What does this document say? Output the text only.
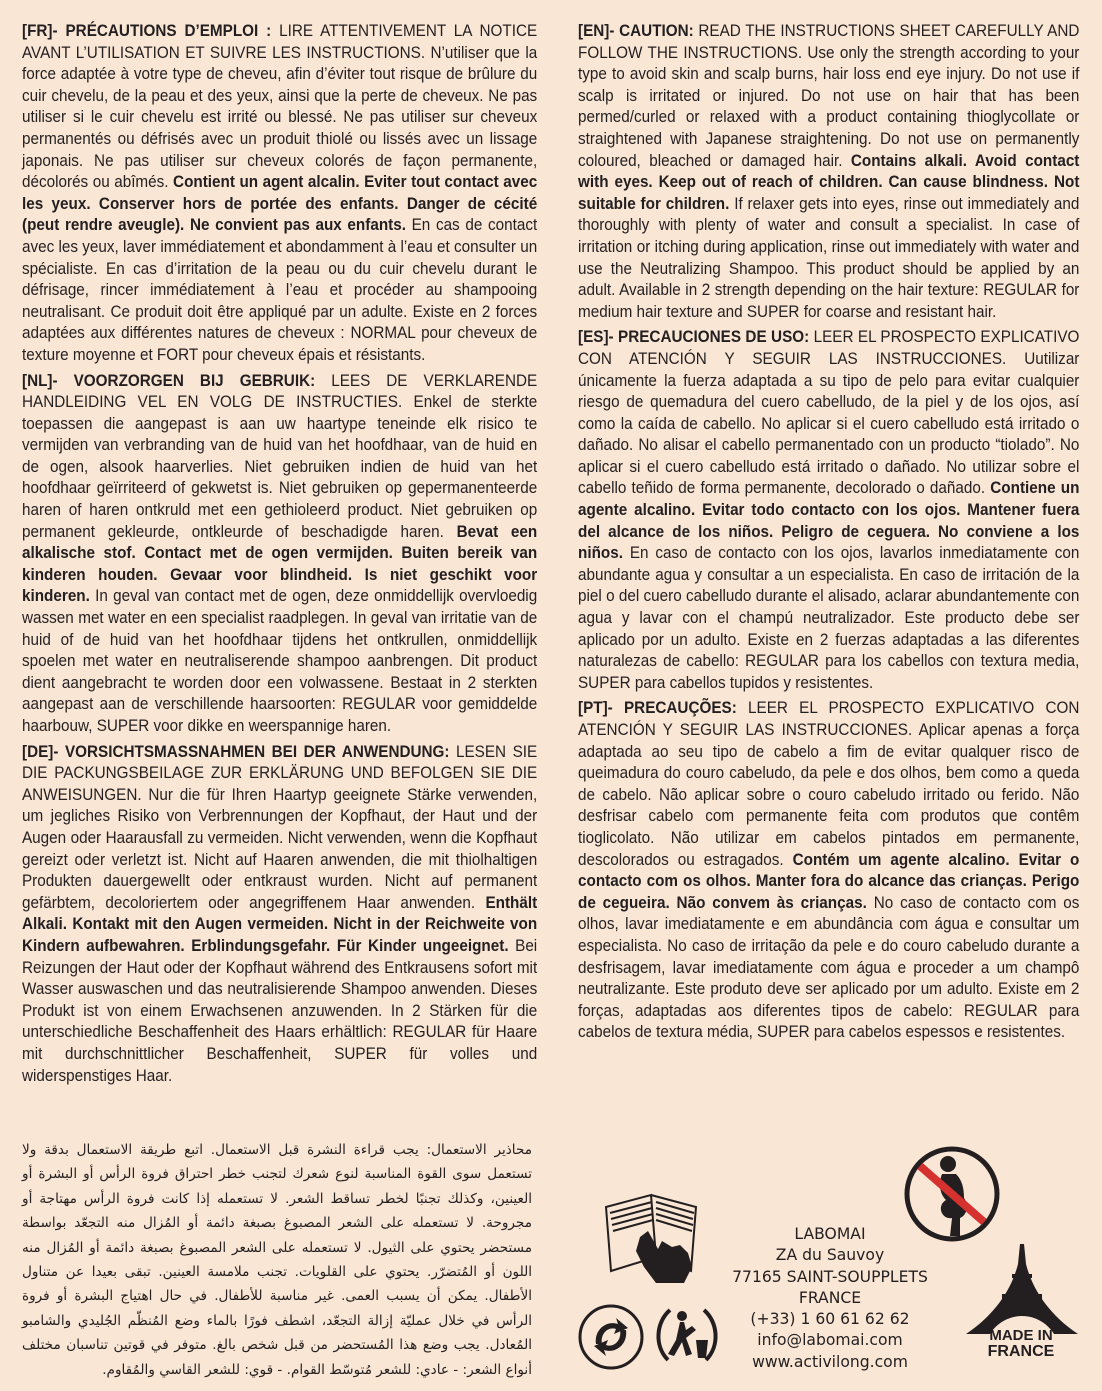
[FR]- PRÉCAUTIONS D’EMPLOI : LIRE ATTENTIVEMENT LA NOTICE AVANT L’UTILISATION ET SUIVRE LES INSTRUCTIONS. N’utiliser que la force adaptée à votre type de cheveu, afin d’éviter tout risque de brûlure du cuir chevelu, de la peau et des yeux, ainsi que la perte de cheveux. Ne pas utiliser si le cuir chevelu est irrité ou blessé. Ne pas utiliser sur cheveux permanentés ou défrisés avec un produit thiolé ou lissés avec un lissage japonais. Ne pas utiliser sur cheveux colorés de façon permanente, décolorés ou abîmés. Contient un agent alcalin. Eviter tout contact avec les yeux. Conserver hors de portée des enfants. Danger de cécité (peut rendre aveugle). Ne convient pas aux enfants. En cas de contact avec les yeux, laver immédiatement et abondamment à l’eau et consulter un spécialiste. En cas d’irritation de la peau ou du cuir chevelu durant le défrisage, rincer immédiatement à l’eau et procéder au shampooing neutralisant. Ce produit doit être appliqué par un adulte. Existe en 2 forces adaptées aux différentes natures de cheveux : NORMAL pour cheveux de texture moyenne et FORT pour cheveux épais et résistants.

[NL]- VOORZORGEN BIJ GEBRUIK: LEES DE VERKLARENDE HANDLEIDING VEL EN VOLG DE INSTRUCTIES. Enkel de sterkte toepassen die aangepast is aan uw haartype teneinde elk risico te vermijden van verbranding van de huid van het hoofdhaar, van de huid en de ogen, alsook haarverlies. Niet gebruiken indien de huid van het hoofdhaar geïrriteerd of gekwetst is. Niet gebruiken op gepermanenteerde haren of haren ontkruld met een gethioleerd product. Niet gebruiken op permanent gekleurde, ontkleurde of beschadigde haren. Bevat een alkalische stof. Contact met de ogen vermijden. Buiten bereik van kinderen houden. Gevaar voor blindheid. Is niet geschikt voor kinderen. In geval van contact met de ogen, deze onmiddellijk overvloedig wassen met water en een specialist raadplegen. In geval van irritatie van de huid of de huid van het hoofdhaar tijdens het ontkrullen, onmiddellijk spoelen met water en neutraliserende shampoo aanbrengen. Dit product dient aangebracht te worden door een volwassene. Bestaat in 2 sterkten aangepast aan de verschillende haarsoorten: REGULAR voor gemiddelde haarbouw, SUPER voor dikke en weerspannige haren.

[DE]- VORSICHTSMASSNAHMEN BEI DER ANWENDUNG: LESEN SIE DIE PACKUNGSBEILAGE ZUR ERKLÄRUNG UND BEFOLGEN SIE DIE ANWEISUNGEN. Nur die für Ihren Haartyp geeignete Stärke verwenden, um jegliches Risiko von Verbrennungen der Kopfhaut, der Haut und der Augen oder Haarausfall zu vermeiden. Nicht verwenden, wenn die Kopfhaut gereizt oder verletzt ist. Nicht auf Haaren anwenden, die mit thiolhaltigen Produkten dauergewellt oder entkraust wurden. Nicht auf permanent gefärbtem, decoloriertem oder angegriffenem Haar anwenden. Enthält Alkali. Kontakt mit den Augen vermeiden. Nicht in der Reichweite von Kindern aufbewahren. Erblindungsgefahr. Für Kinder ungeeignet. Bei Reizungen der Haut oder der Kopfhaut während des Entkrausens sofort mit Wasser auswaschen und das neutralisierende Shampoo anwenden. Dieses Produkt ist von einem Erwachsenen anzuwenden. In 2 Stärken für die unterschiedliche Beschaffenheit des Haars erhältlich: REGULAR für Haare mit durchschnittlicher Beschaffenheit, SUPER für volles und widerspenstiges Haar.

[EN]- CAUTION: READ THE INSTRUCTIONS SHEET CAREFULLY AND FOLLOW THE INSTRUCTIONS. Use only the strength according to your type to avoid skin and scalp burns, hair loss end eye injury. Do not use if scalp is irritated or injured. Do not use on hair that has been permed/curled or relaxed with a product containing thioglycollate or straightened with Japanese straightening. Do not use on permanently coloured, bleached or damaged hair. Contains alkali. Avoid contact with eyes. Keep out of reach of children. Can cause blindness. Not suitable for children. If relaxer gets into eyes, rinse out immediately and thoroughly with plenty of water and consult a specialist. In case of irritation or itching during application, rinse out immediately with water and use the Neutralizing Shampoo. This product should be applied by an adult. Available in 2 strength depending on the hair texture: REGULAR for medium hair texture and SUPER for coarse and resistant hair.

[ES]- PRECAUCIONES DE USO: LEER EL PROSPECTO EXPLICATIVO CON ATENCIÓN Y SEGUIR LAS INSTRUCCIONES. Uutilizar únicamente la fuerza adaptada a su tipo de pelo para evitar cualquier riesgo de quemadura del cuero cabelludo, de la piel y de los ojos, así como la caída de cabello. No aplicar si el cuero cabelludo está irritado o dañado. No alisar el cabello permanentado con un producto “tiolado”. No aplicar si el cuero cabelludo está irritado o dañado. No utilizar sobre el cabello teñido de forma permanente, decolorado o dañado. Contiene un agente alcalino. Evitar todo contacto con los ojos. Mantener fuera del alcance de los niños. Peligro de ceguera. No conviene a los niños. En caso de contacto con los ojos, lavarlos inmediatamente con abundante agua y consultar a un especialista. En caso de irritación de la piel o del cuero cabelludo durante el alisado, aclarar abundantemente con agua y lavar con el champú neutralizador. Este producto debe ser aplicado por un adulto. Existe en 2 fuerzas adaptadas a las diferentes naturalezas de cabello: REGULAR para los cabellos con textura media, SUPER para cabellos tupidos y resistentes.

[PT]- PRECAUÇÕES: LEER EL PROSPECTO EXPLICATIVO CON ATENCIÓN Y SEGUIR LAS INSTRUCCIONES. Aplicar apenas a força adaptada ao seu tipo de cabelo a fim de evitar qualquer risco de queimadura do couro cabeludo, da pele e dos olhos, bem como a queda de cabelo. Não aplicar sobre o couro cabeludo irritado ou ferido. Não desfrisar cabelo com permanente feita com produtos que contêm tioglicolato. Não utilizar em cabelos pintados em permanente, descolorados ou estragados. Contém um agente alcalino. Evitar o contacto com os olhos. Manter fora do alcance das crianças. Perigo de cegueira. Não convem às crianças. No caso de contacto com os olhos, lavar imediatamente e em abundância com água e consultar um especialista. No caso de irritação da pele e do couro cabeludo durante a desfrisagem, lavar imediatamente com água e proceder a um champô neutralizante. Este produto deve ser aplicado por um adulto. Existe em 2 forças, adaptadas aos diferentes tipos de cabelo: REGULAR para cabelos de textura média, SUPER para cabelos espessos e resistentes.

محاذير الاستعمال: يجب قراءة النشرة قبل الاستعمال. اتبع طريقة الاستعمال بدقة ولا تستعمل سوى القوة المناسبة لنوع شعرك لتجنب خطر احتراق فروة الرأس أو البشرة أو العينين، وكذلك تجنبًا لخطر تساقط الشعر. لا تستعمله إذا كانت فروة الرأس مهتاجة أو مجروحة. لا تستعمله على الشعر المصبوغ بصبغة دائمة أو المُزال منه التجعّد بواسطة مستحضر يحتوي على الثيول. لا تستعمله على الشعر المصبوغ بصبغة دائمة أو المُزال منه اللون أو المُتضرّر. يحتوي على القلويات. تجنب ملامسة العينين. تبقى بعيدا عن متناول الأطفال. يمكن أن يسبب العمى. غير مناسبة للأطفال. في حال اهتياج البشرة أو فروة الرأس في خلال عمليّة إزالة التجعّد، اشطف فورًا بالماء وضع المُنظّم الجُليدي والشامبو المُعادل. يجب وضع هذا المُستحضر من قبل شخص بالغ. متوفر في قوتين تناسبان مختلف أنواع الشعر: - عادي: للشعر مُتوسّط القوام. - قوي: للشعر القاسي والمُقاوم.
LABOMAI
ZA du Sauvoy
77165 SAINT-SOUPPLETS
FRANCE
(+33) 1 60 61 62 62
info@labomai.com
www.activilong.com
MADE IN
FRANCE
